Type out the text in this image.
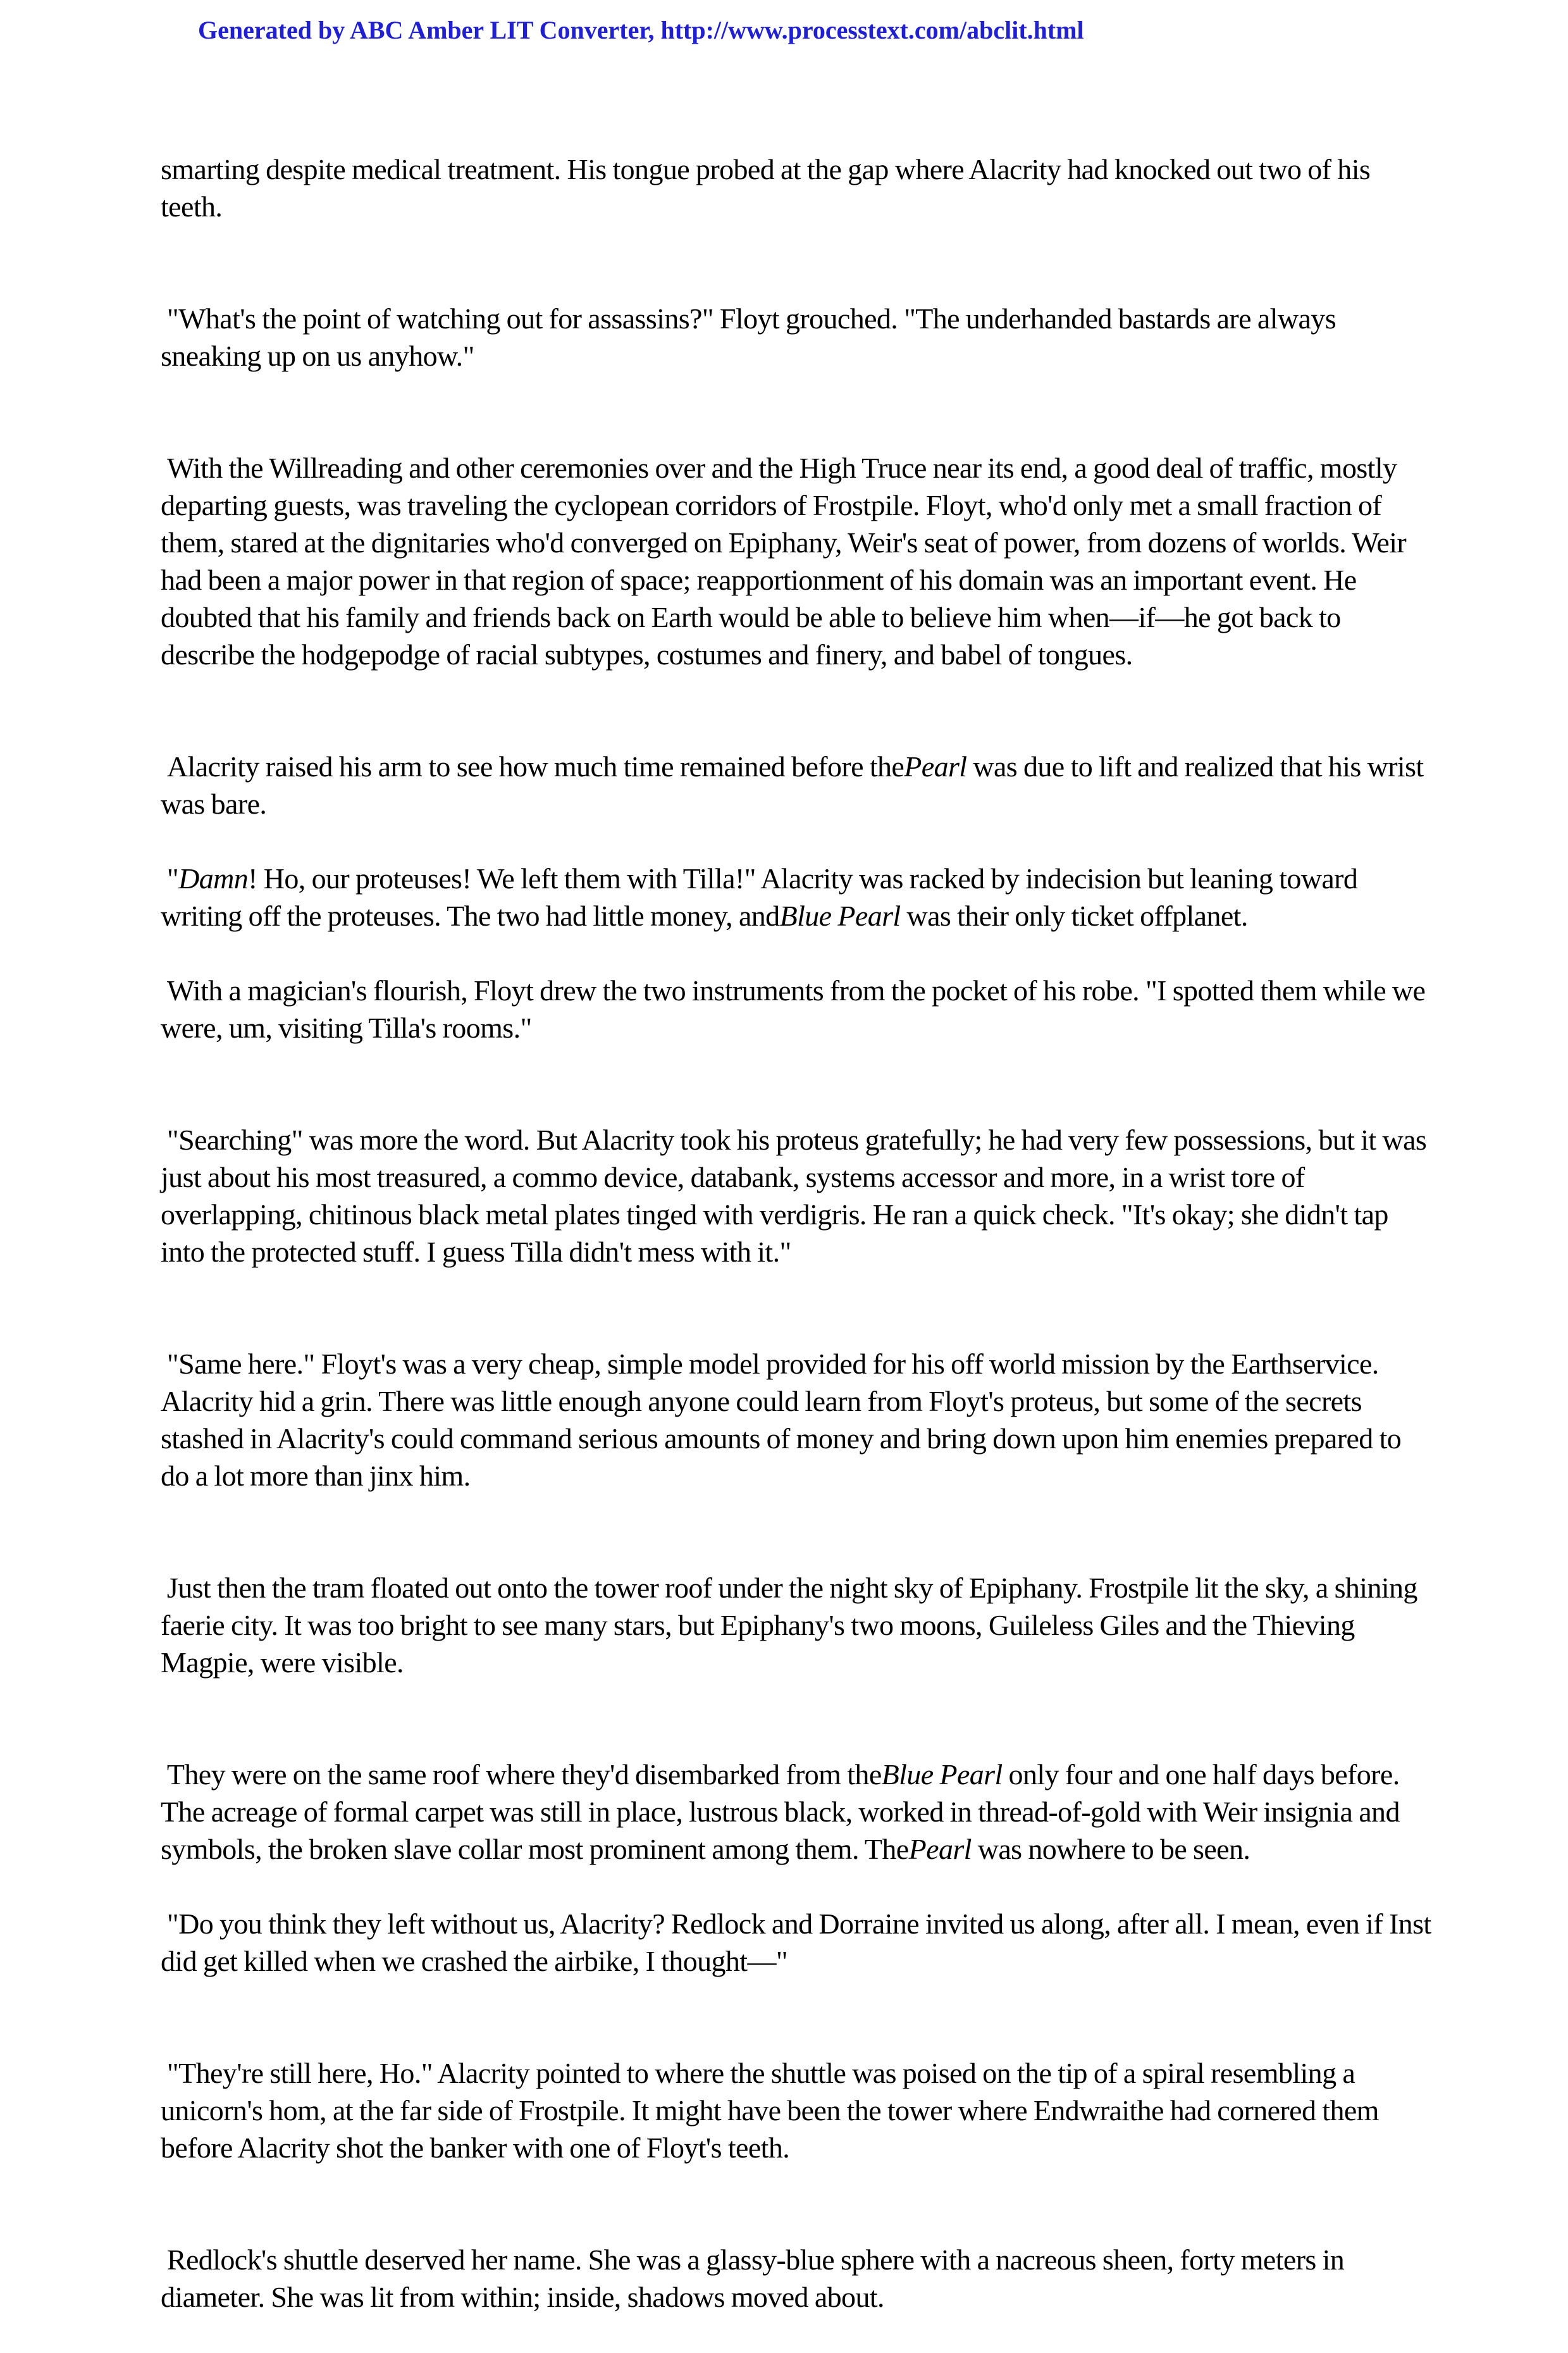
Generated by ABC Amber LIT Converter, http://www.processtext.com/abclit.html

smarting despite medical treatment. His tongue probed at the gap where Alacrity had knocked out two of his teeth.

"What's the point of watching out for assassins?" Floyt grouched. "The underhanded bastards are always sneaking up on us anyhow."

With the Willreading and other ceremonies over and the High Truce near its end, a good deal of traffic, mostly departing guests, was traveling the cyclopean corridors of Frostpile. Floyt, who'd only met a small fraction of them, stared at the dignitaries who'd converged on Epiphany, Weir's seat of power, from dozens of worlds. Weir had been a major power in that region of space; reapportionment of his domain was an important event. He doubted that his family and friends back on Earth would be able to believe him when—if—he got back to describe the hodgepodge of racial subtypes, costumes and finery, and babel of tongues.

Alacrity raised his arm to see how much time remained before thePearl was due to lift and realized that his wrist was bare.

"Damn! Ho, our proteuses! We left them with Tilla!" Alacrity was racked by indecision but leaning toward writing off the proteuses. The two had little money, andBlue Pearl was their only ticket offplanet.

With a magician's flourish, Floyt drew the two instruments from the pocket of his robe. "I spotted them while we were, um, visiting Tilla's rooms."

"Searching" was more the word. But Alacrity took his proteus gratefully; he had very few possessions, but it was just about his most treasured, a commo device, databank, systems accessor and more, in a wrist tore of overlapping, chitinous black metal plates tinged with verdigris. He ran a quick check. "It's okay; she didn't tap into the protected stuff. I guess Tilla didn't mess with it."

"Same here." Floyt's was a very cheap, simple model provided for his off world mission by the Earthservice. Alacrity hid a grin. There was little enough anyone could learn from Floyt's proteus, but some of the secrets stashed in Alacrity's could command serious amounts of money and bring down upon him enemies prepared to do a lot more than jinx him.

Just then the tram floated out onto the tower roof under the night sky of Epiphany. Frostpile lit the sky, a shining faerie city. It was too bright to see many stars, but Epiphany's two moons, Guileless Giles and the Thieving Magpie, were visible.

They were on the same roof where they'd disembarked from theBlue Pearl only four and one half days before. The acreage of formal carpet was still in place, lustrous black, worked in thread-of-gold with Weir insignia and symbols, the broken slave collar most prominent among them. ThePearl was nowhere to be seen.

"Do you think they left without us, Alacrity? Redlock and Dorraine invited us along, after all. I mean, even if Inst did get killed when we crashed the airbike, I thought—"

"They're still here, Ho." Alacrity pointed to where the shuttle was poised on the tip of a spiral resembling a unicorn's hom, at the far side of Frostpile. It might have been the tower where Endwraithe had cornered them before Alacrity shot the banker with one of Floyt's teeth.

Redlock's shuttle deserved her name. She was a glassy-blue sphere with a nacreous sheen, forty meters in diameter. She was lit from within; inside, shadows moved about.
